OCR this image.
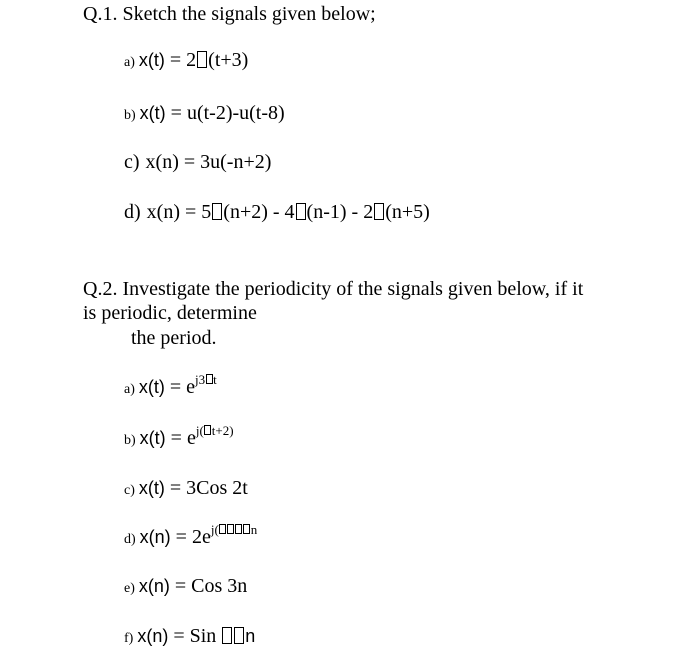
Q.1. Sketch the signals given below;
a) x(t) = 2 (t+3)
b) x(t) = u(t-2)-u(t-8)
c) x(n) = 3u(-n+2)
d) x(n) = 5 (n+2) - 4 (n-1) - 2 (n+5)
Q.2. Investigate the periodicity of the signals given below, if it
is periodic, determine
the period.
a) $x(t) = e^{j3 t}$
b) $x(t) = e^{j( t+2)}$
c) x(t) = 3Cos 2t
d) $x(n) = 2e^{j( n}$
e) x(n) = Cos 3n
f) x(n) = Sin n
